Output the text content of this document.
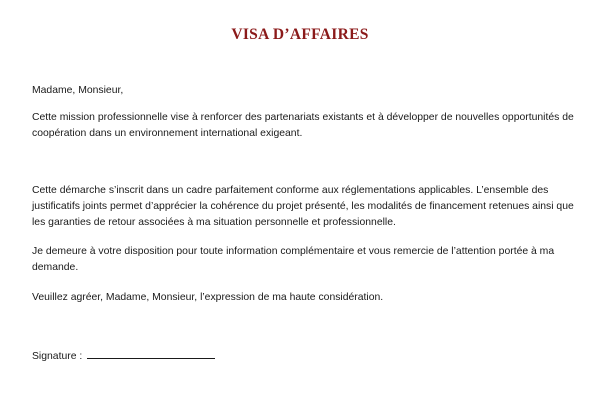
VISA D’AFFAIRES

Madame, Monsieur,

Cette mission professionnelle vise à renforcer des partenariats existants et à développer de nouvelles opportunités de coopération dans un environnement international exigeant.

Cette démarche s’inscrit dans un cadre parfaitement conforme aux réglementations applicables. L’ensemble des justificatifs joints permet d’apprécier la cohérence du projet présenté, les modalités de financement retenues ainsi que les garanties de retour associées à ma situation personnelle et professionnelle.

Je demeure à votre disposition pour toute information complémentaire et vous remercie de l’attention portée à ma demande.

Veuillez agréer, Madame, Monsieur, l’expression de ma haute considération.

Signature :
